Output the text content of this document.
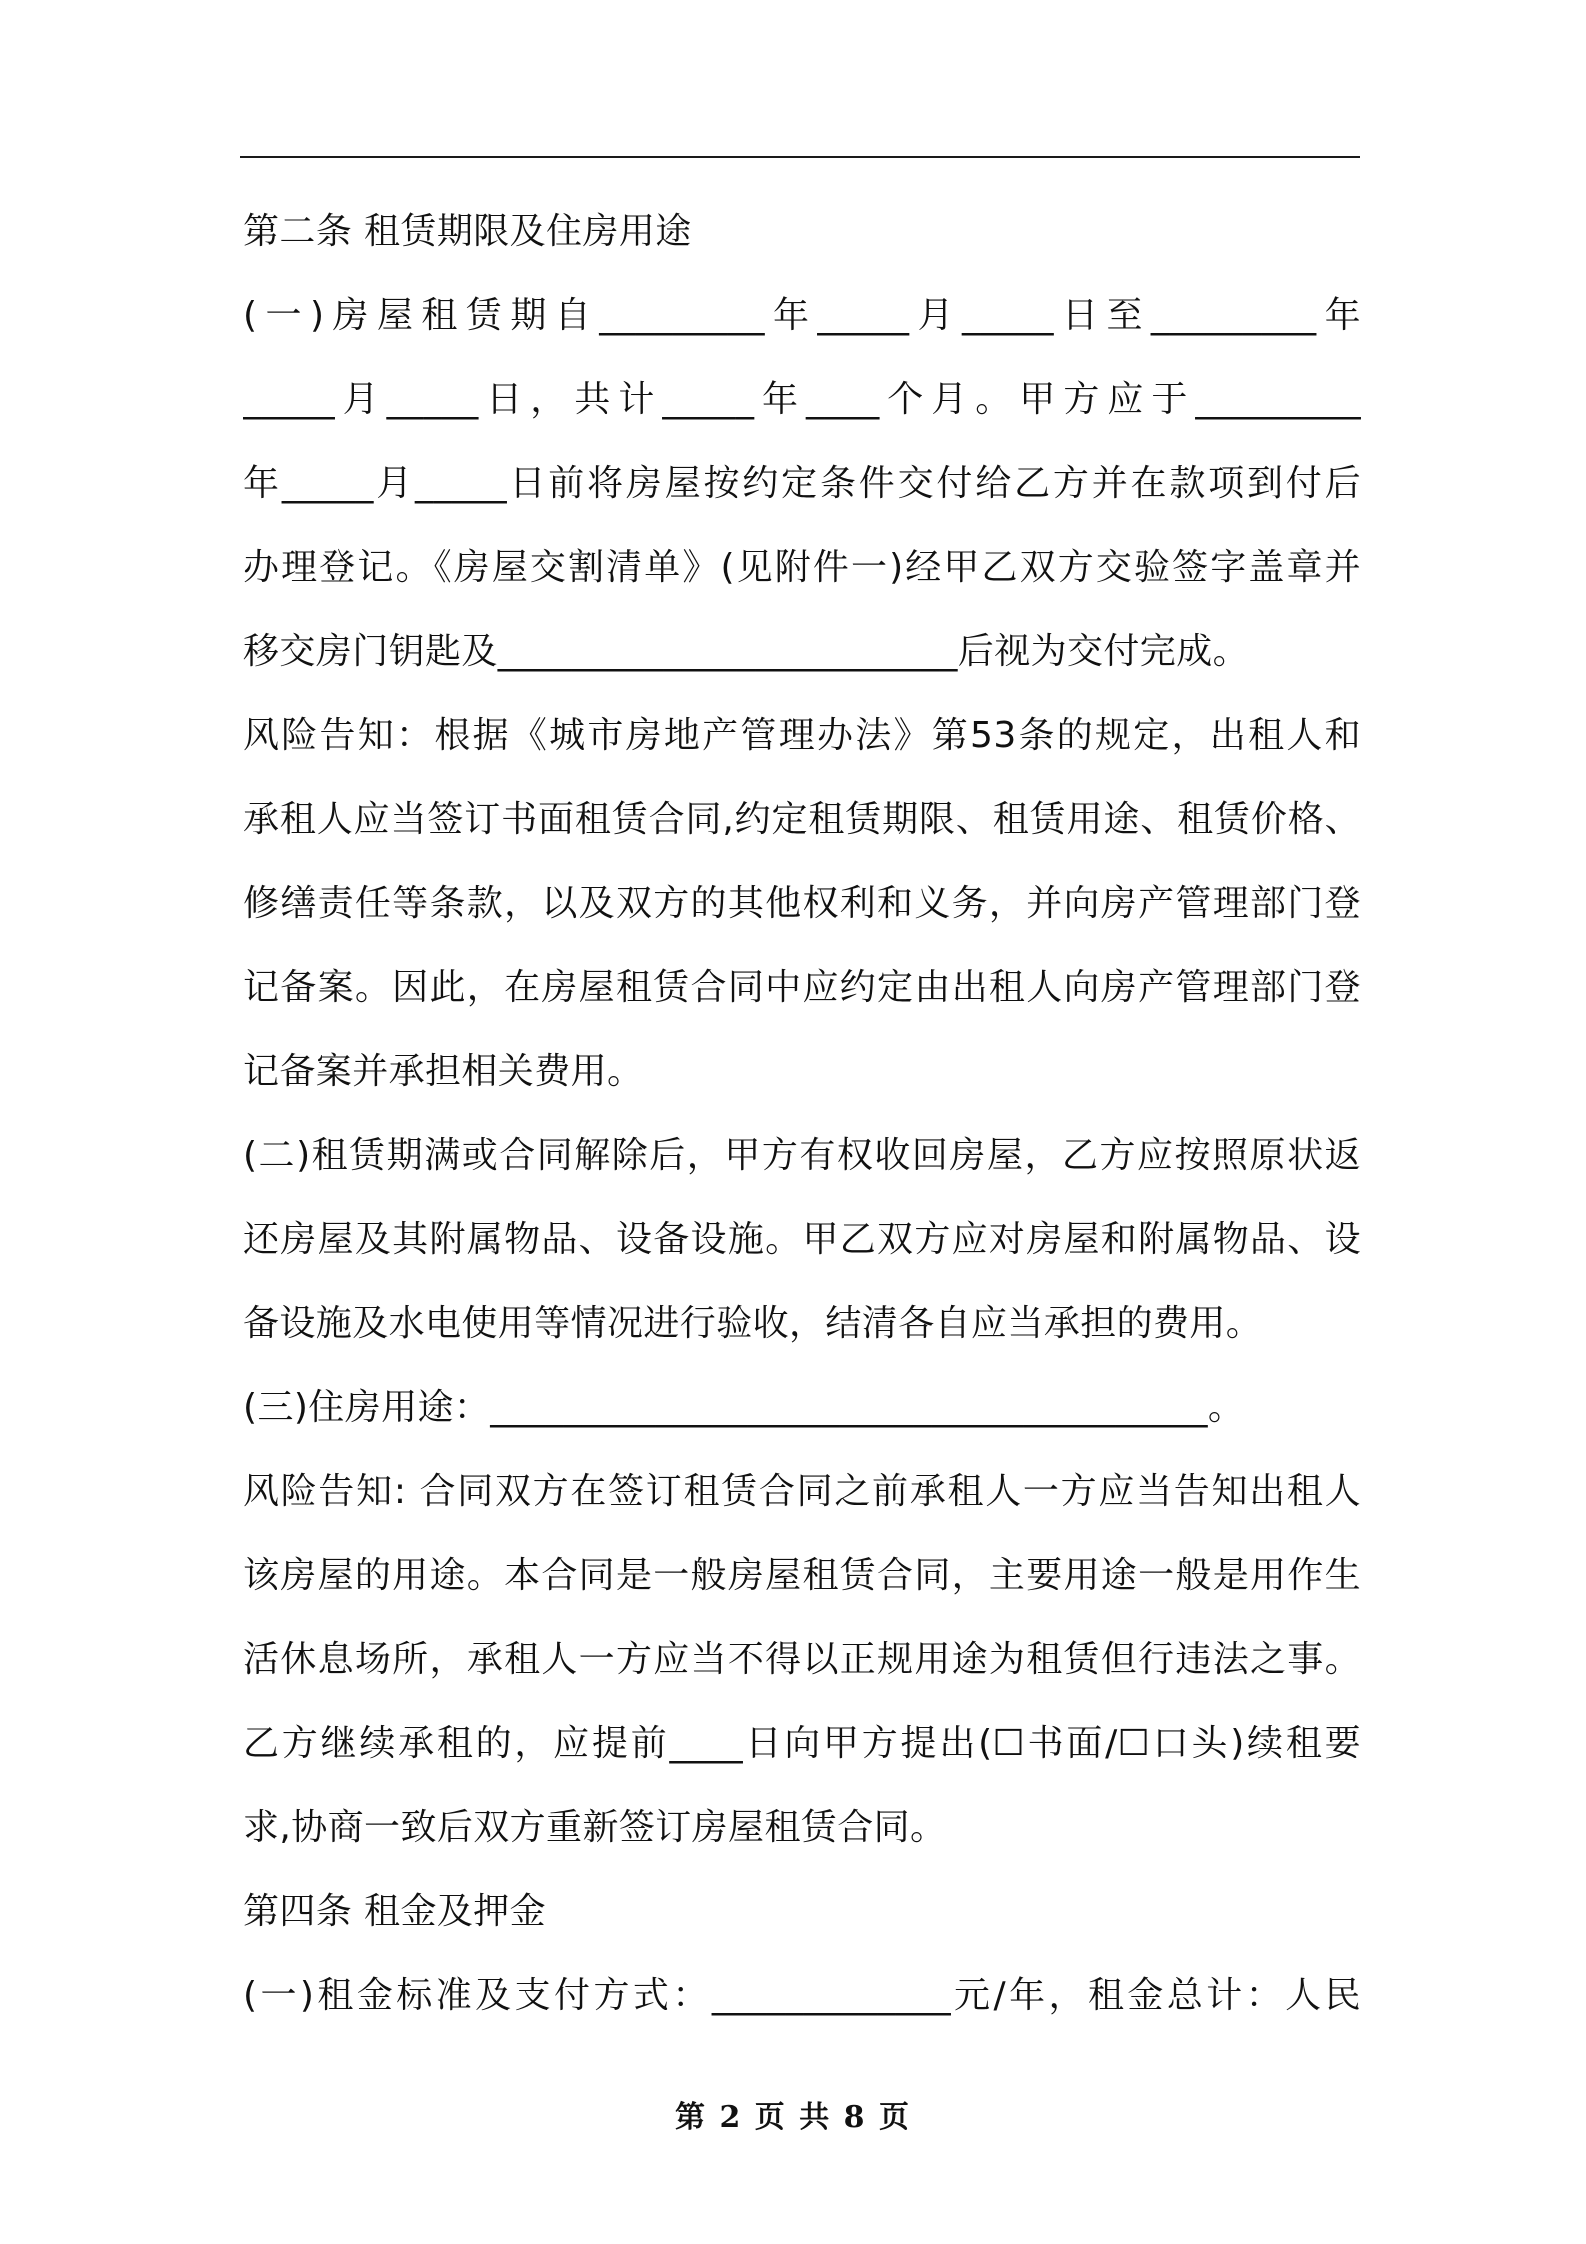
第二条 租赁期限及住房用途
(一)房屋租赁期自_________年_____月_____日至_________年
_____月_____日，共计_____年____个月。甲方应于_________
年_____月_____日前将房屋按约定条件交付给乙方并在款项到付后
办理登记。《房屋交割清单》(见附件一)经甲乙双方交验签字盖章并
移交房门钥匙及_________________________后视为交付完成。
风险告知：根据《城市房地产管理办法》第53条的规定，出租人和
承租人应当签订书面租赁合同,约定租赁期限、租赁用途、租赁价格、
修缮责任等条款，以及双方的其他权利和义务，并向房产管理部门登
记备案。因此，在房屋租赁合同中应约定由出租人向房产管理部门登
记备案并承担相关费用。
(二)租赁期满或合同解除后，甲方有权收回房屋，乙方应按照原状返
还房屋及其附属物品、设备设施。甲乙双方应对房屋和附属物品、设
备设施及水电使用等情况进行验收，结清各自应当承担的费用。
(三)住房用途：_______________________________________。
风险告知: 合同双方在签订租赁合同之前承租人一方应当告知出租人
该房屋的用途。本合同是一般房屋租赁合同，主要用途一般是用作生
活休息场所，承租人一方应当不得以正规用途为租赁但行违法之事。
乙方继续承租的，应提前____日向甲方提出(☐书面/☐口头)续租要
求,协商一致后双方重新签订房屋租赁合同。
第四条 租金及押金
(一)租金标准及支付方式：_____________元/年，租金总计：人民
第 2 页 共 8 页
